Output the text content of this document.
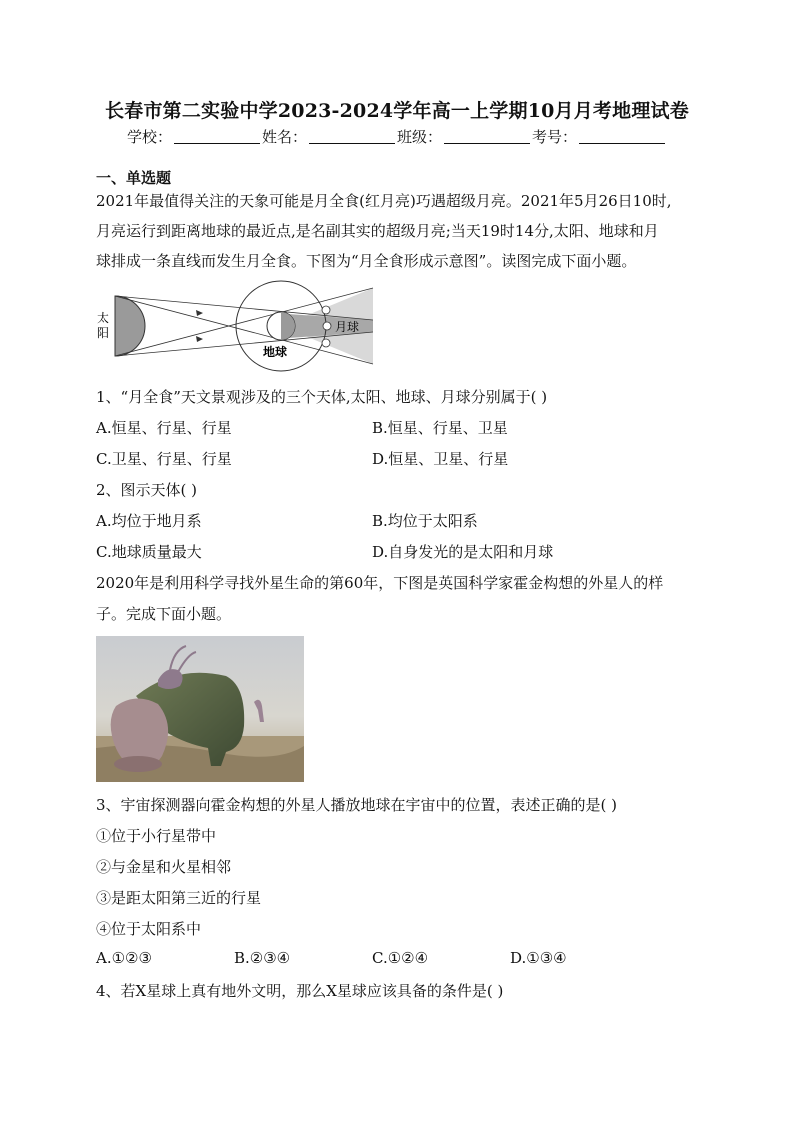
长春市第二实验中学2023-2024学年高一上学期10月月考地理试卷
学校：	姓名：	班级：	考号：
一、单选题
2021年最值得关注的天象可能是月全食(红月亮)巧遇超级月亮。2021年5月26日10时,
月亮运行到距离地球的最近点,是名副其实的超级月亮;当天19时14分,太阳、地球和月
球排成一条直线而发生月全食。下图为“月全食形成示意图”。读图完成下面小题。
太
阳
地球
月球
1、“月全食”天文景观涉及的三个天体,太阳、地球、月球分别属于( )
A.恒星、行星、行星	B.恒星、行星、卫星
C.卫星、行星、行星	D.恒星、卫星、行星
2、图示天体( )
A.均位于地月系	B.均位于太阳系
C.地球质量最大	D.自身发光的是太阳和月球
2020年是利用科学寻找外星生命的第60年，下图是英国科学家霍金构想的外星人的样
子。完成下面小题。
3、宇宙探测器向霍金构想的外星人播放地球在宇宙中的位置，表述正确的是( )
①位于小行星带中
②与金星和火星相邻
③是距太阳第三近的行星
④位于太阳系中
A.①②③	B.②③④	C.①②④	D.①③④
4、若X星球上真有地外文明，那么X星球应该具备的条件是( )
